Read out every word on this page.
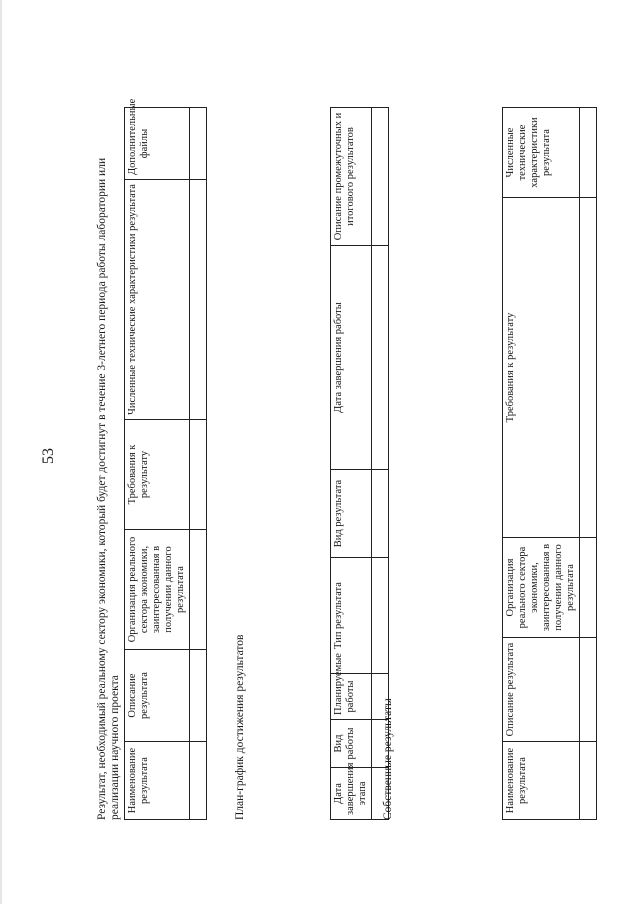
53	Результат, необходимый реальному сектору экономики, который будет достигнут в течение 3-летнего периода работы лаборатории или реализации научного проекта Наименование результата	Описание результата	Организация реального сектора экономики, заинтересованная в получении данного результата	Требования к результату	Численные технические характеристики результата	Дополнительные файлы

План-график достижения результатов	Дата завершения этапа	Вид работы	Планируемые работы	Тип результата	Вид результата	Дата завершения работы	Описание промежуточных и итогового результатов

Собственные результаты	Наименование результата	Описание результата	Организация реального сектора экономики, заинтересованная в получении данного результата	Требования к результату	Численные технические характеристики результата
